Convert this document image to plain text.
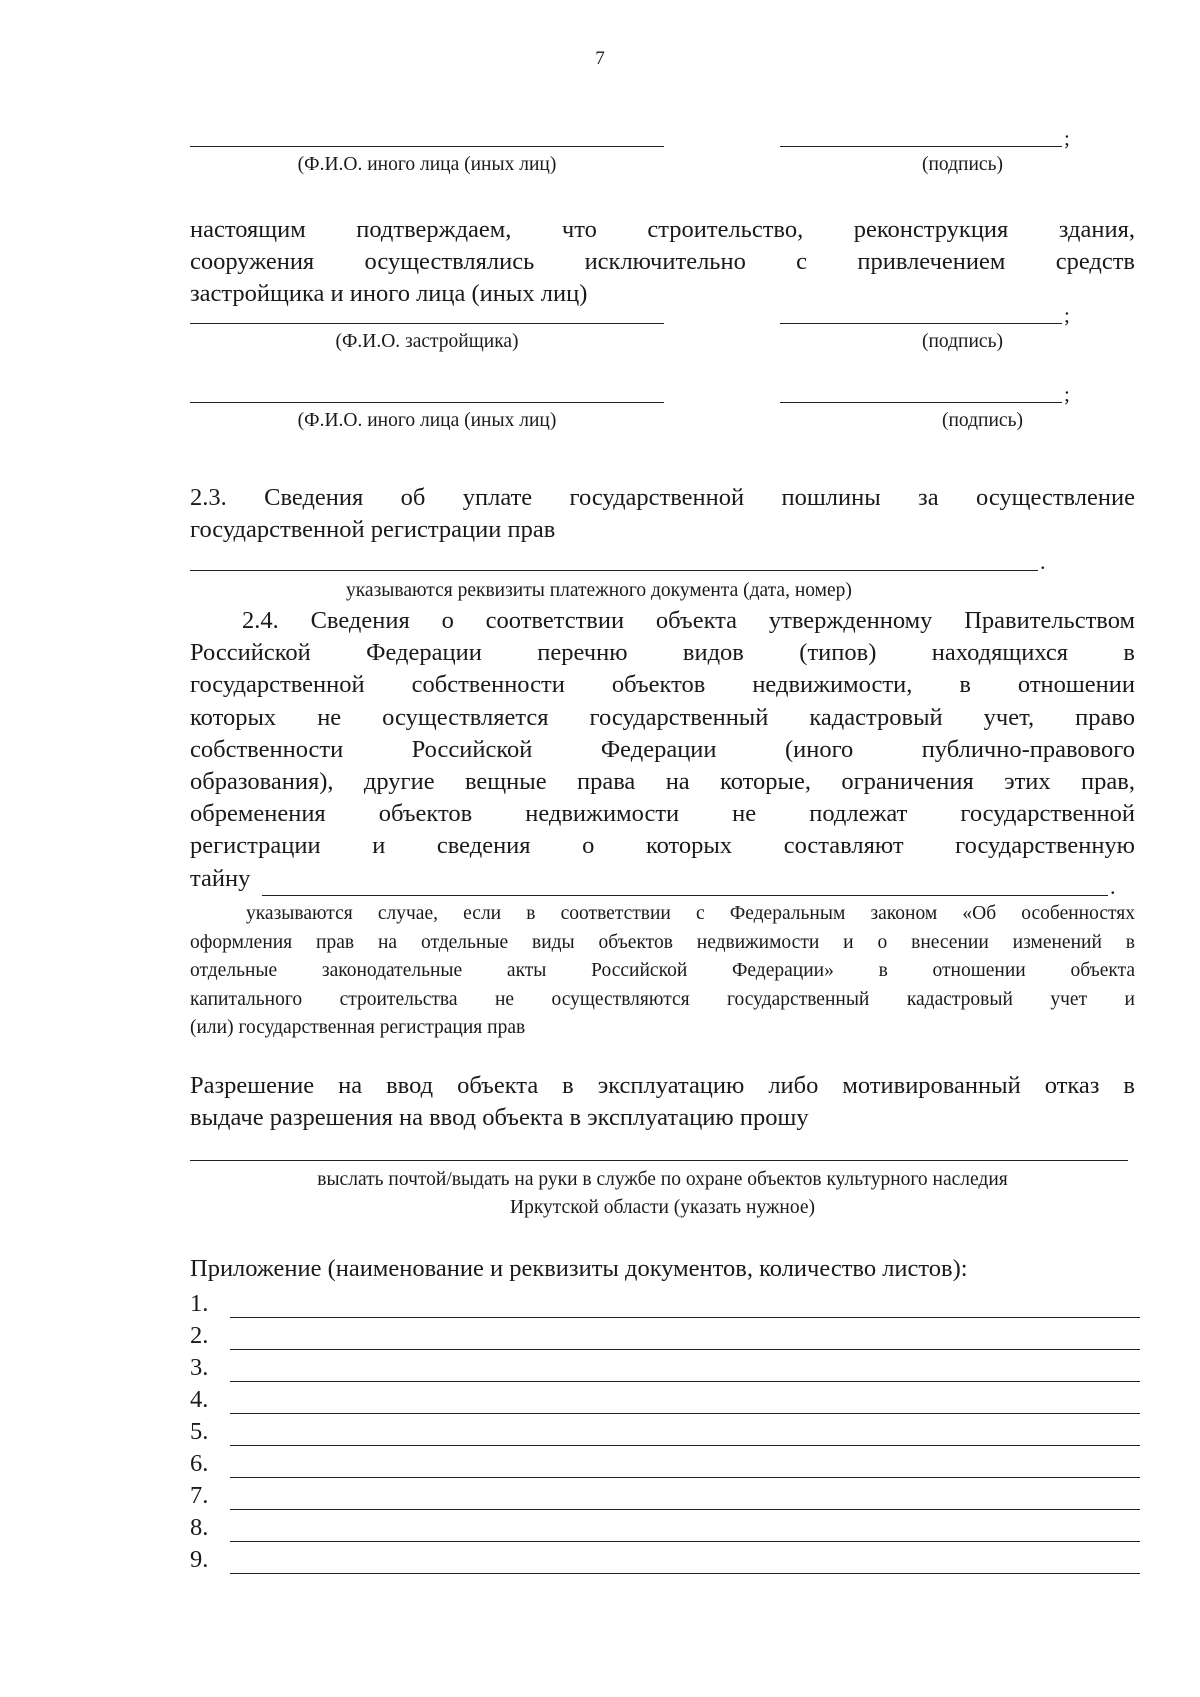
7
;
(Ф.И.О. иного лица (иных лиц)	(подпись)
настоящим подтверждаем, что строительство, реконструкция здания,
сооружения осуществлялись исключительно с привлечением средств
застройщика и иного лица (иных лиц)
;
(Ф.И.О. застройщика)	(подпись)
;
(Ф.И.О. иного лица (иных лиц)	(подпись)
2.3. Сведения об уплате государственной пошлины за осуществление
государственной регистрации прав
.
указываются реквизиты платежного документа (дата, номер)
2.4. Сведения о соответствии объекта утвержденному Правительством
Российской Федерации перечню видов (типов) находящихся в
государственной собственности объектов недвижимости, в отношении
которых не осуществляется государственный кадастровый учет, право
собственности Российской Федерации (иного публично-правового
образования), другие вещные права на которые, ограничения этих прав,
обременения объектов недвижимости не подлежат государственной
регистрации и сведения о которых составляют государственную
тайну	.
указываются случае, если в соответствии с Федеральным законом «Об особенностях
оформления прав на отдельные виды объектов недвижимости и о внесении изменений в
отдельные законодательные акты Российской Федерации» в отношении объекта
капитального строительства не осуществляются государственный кадастровый учет и
(или) государственная регистрация прав
Разрешение на ввод объекта в эксплуатацию либо мотивированный отказ в
выдаче разрешения на ввод объекта в эксплуатацию прошу
выслать почтой/выдать на руки в службе по охране объектов культурного наследия
Иркутской области (указать нужное)
Приложение (наименование и реквизиты документов, количество листов):
1.
2.
3.
4.
5.
6.
7.
8.
9.
